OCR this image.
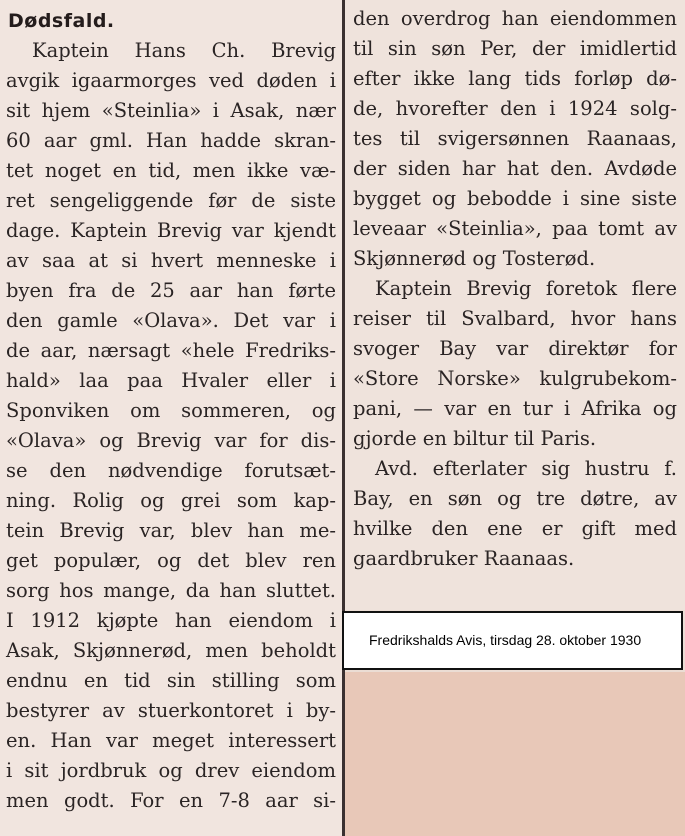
Dødsfald.
Kaptein Hans Ch. Brevig
avgik igaarmorges ved døden i
sit hjem «Steinlia» i Asak, nær
60 aar gml. Han hadde skran-
tet noget en tid, men ikke væ-
ret sengeliggende før de siste
dage. Kaptein Brevig var kjendt
av saa at si hvert menneske i
byen fra de 25 aar han førte
den gamle «Olava». Det var i
de aar, nærsagt «hele Fredriks-
hald» laa paa Hvaler eller i
Sponviken om sommeren, og
«Olava» og Brevig var for dis-
se den nødvendige forutsæt-
ning. Rolig og grei som kap-
tein Brevig var, blev han me-
get populær, og det blev ren
sorg hos mange, da han sluttet.
I 1912 kjøpte han eiendom i
Asak, Skjønnerød, men beholdt
endnu en tid sin stilling som
bestyrer av stuerkontoret i by-
en. Han var meget interessert
i sit jordbruk og drev eiendom
men godt. For en 7-8 aar si-
den overdrog han eiendommen
til sin søn Per, der imidlertid
efter ikke lang tids forløp dø-
de, hvorefter den i 1924 solg-
tes til svigersønnen Raanaas,
der siden har hat den. Avdøde
bygget og bebodde i sine siste
leveaar «Steinlia», paa tomt av
Skjønnerød og Tosterød.
Kaptein Brevig foretok flere
reiser til Svalbard, hvor hans
svoger Bay var direktør for
«Store Norske» kulgrubekom-
pani, — var en tur i Afrika og
gjorde en biltur til Paris.
Avd. efterlater sig hustru f.
Bay, en søn og tre døtre, av
hvilke den ene er gift med
gaardbruker Raanaas.
Fredrikshalds Avis, tirsdag 28. oktober 1930
